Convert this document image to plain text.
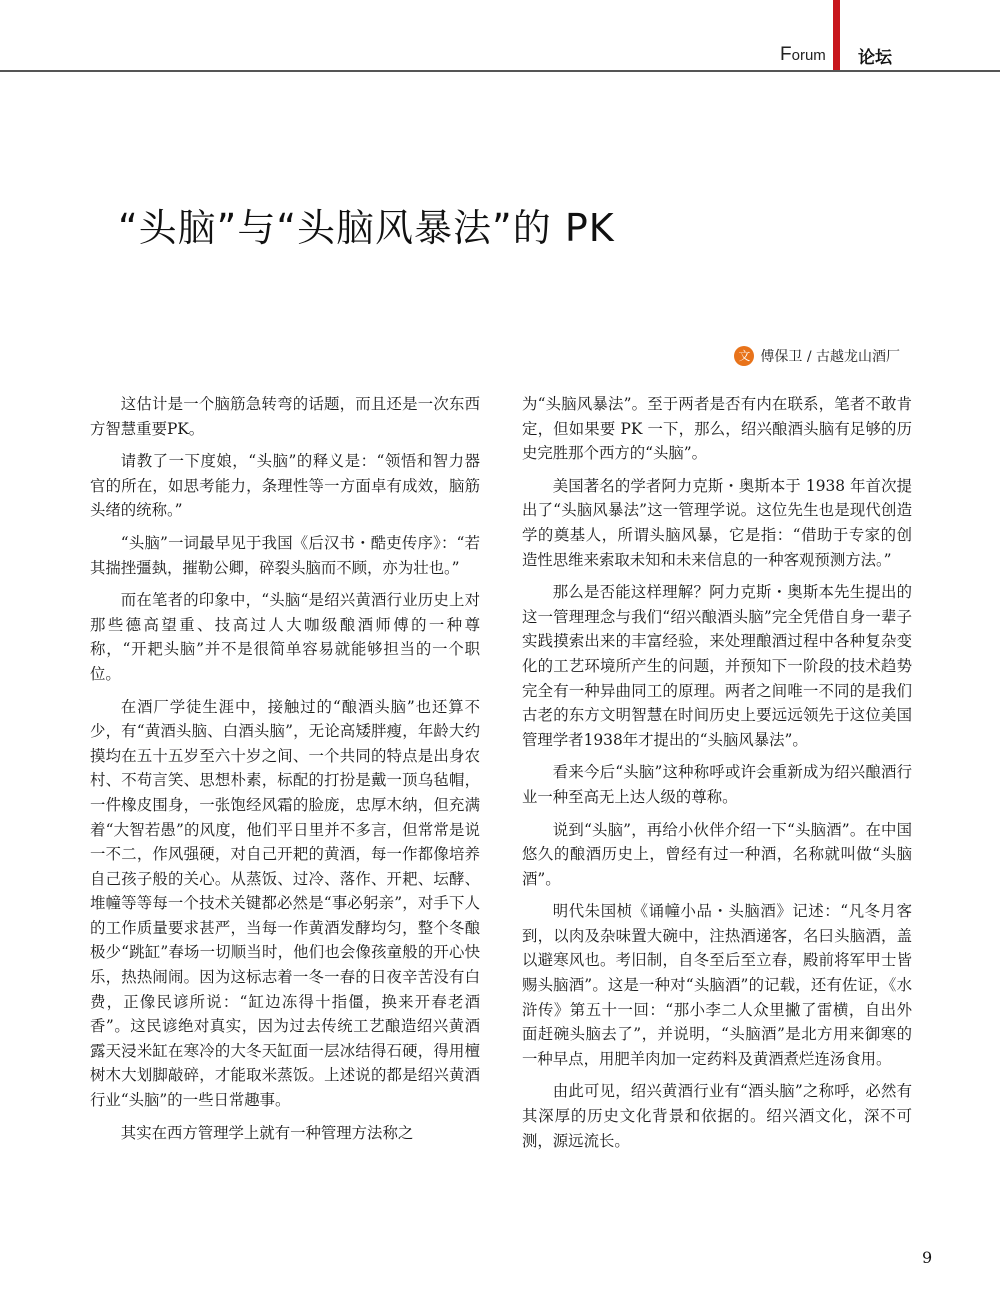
Forum 论坛
“头脑”与“头脑风暴法”的 PK
文 傅保卫 / 古越龙山酒厂

这估计是一个脑筋急转弯的话题，而且还是一次东西方智慧重要PK。

请教了一下度娘，“头脑”的释义是：“领悟和智力器官的所在，如思考能力，条理性等一方面卓有成效，脑筋头绪的统称。”

“头脑”一词最早见于我国《后汉书・酷吏传序》：“若其揣挫彊埶，摧勒公卿，碎裂头脑而不顾，亦为壮也。”

而在笔者的印象中，“头脑“是绍兴黄酒行业历史上对那些德高望重、技高过人大咖级酿酒师傅的一种尊称，“开耙头脑”并不是很简单容易就能够担当的一个职位。

在酒厂学徒生涯中，接触过的“酿酒头脑”也还算不少，有“黄酒头脑、白酒头脑”，无论高矮胖瘦，年龄大约摸均在五十五岁至六十岁之间、一个共同的特点是出身农村、不苟言笑、思想朴素，标配的打扮是戴一顶乌毡帽，一件橡皮围身，一张饱经风霜的脸庞，忠厚木纳，但充满着“大智若愚”的风度，他们平日里并不多言，但常常是说一不二，作风强硬，对自己开耙的黄酒，每一作都像培养自己孩子般的关心。从蒸饭、过冷、落作、开耙、坛酵、堆幢等等每一个技术关键都必然是“事必躬亲”，对手下人的工作质量要求甚严，当每一作黄酒发酵均匀，整个冬酿极少“跳缸”春场一切顺当时，他们也会像孩童般的开心快乐，热热闹闹。因为这标志着一冬一春的日夜辛苦没有白费，正像民谚所说：“缸边冻得十指僵，换来开春老酒香”。这民谚绝对真实，因为过去传统工艺酿造绍兴黄酒露天浸米缸在寒冷的大冬天缸面一层冰结得石硬，得用檀树木大划脚敲碎，才能取米蒸饭。上述说的都是绍兴黄酒行业“头脑”的一些日常趣事。

其实在西方管理学上就有一种管理方法称之

为“头脑风暴法”。至于两者是否有内在联系，笔者不敢肯定，但如果要 PK 一下，那么，绍兴酿酒头脑有足够的历史完胜那个西方的“头脑”。

美国著名的学者阿力克斯・奥斯本于 1938 年首次提出了“头脑风暴法”这一管理学说。这位先生也是现代创造学的奠基人，所谓头脑风暴，它是指：“借助于专家的创造性思维来索取未知和未来信息的一种客观预测方法。”

那么是否能这样理解？阿力克斯・奥斯本先生提出的这一管理理念与我们“绍兴酿酒头脑”完全凭借自身一辈子实践摸索出来的丰富经验，来处理酿酒过程中各种复杂变化的工艺环境所产生的问题，并预知下一阶段的技术趋势完全有一种异曲同工的原理。两者之间唯一不同的是我们古老的东方文明智慧在时间历史上要远远领先于这位美国管理学者1938年才提出的“头脑风暴法”。

看来今后“头脑”这种称呼或许会重新成为绍兴酿酒行业一种至高无上达人级的尊称。

说到“头脑”，再给小伙伴介绍一下“头脑酒”。在中国悠久的酿酒历史上，曾经有过一种酒，名称就叫做“头脑酒”。

明代朱国桢《诵幢小品・头脑酒》记述：“凡冬月客到，以肉及杂味置大碗中，注热酒递客，名曰头脑酒，盖以避寒风也。考旧制，自冬至后至立春，殿前将军甲士皆赐头脑酒”。这是一种对“头脑酒”的记载，还有佐证，《水浒传》第五十一回：“那小李二人众里撇了雷横，自出外面赶碗头脑去了”，并说明，“头脑酒”是北方用来御寒的一种早点，用肥羊肉加一定药料及黄酒煮烂连汤食用。

由此可见，绍兴黄酒行业有“酒头脑”之称呼，必然有其深厚的历史文化背景和依据的。绍兴酒文化，深不可测，源远流长。

9
